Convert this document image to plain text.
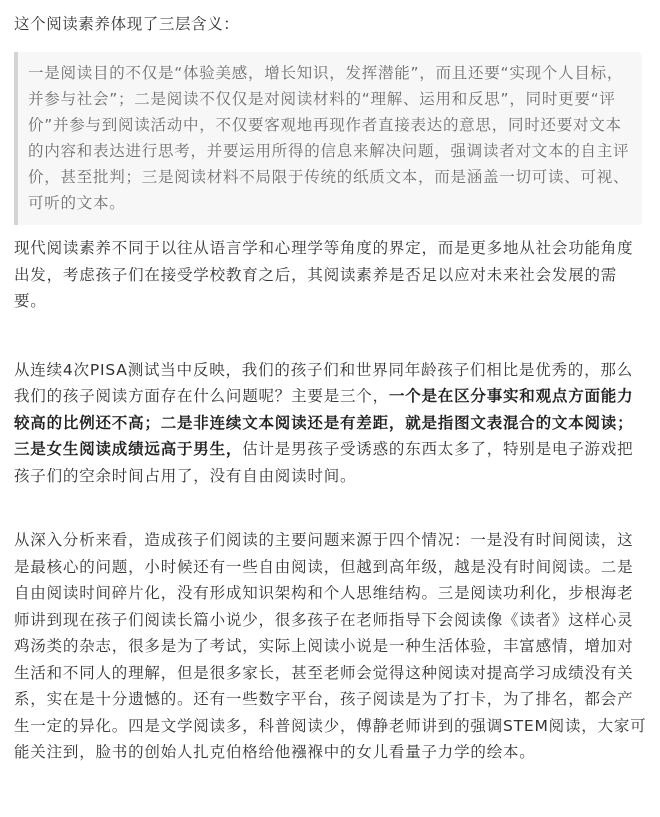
这个阅读素养体现了三层含义：

一是阅读目的不仅是“体验美感，增长知识，发挥潜能”，而且还要“实现个人目标，并参与社会”；二是阅读不仅仅是对阅读材料的“理解、运用和反思”，同时更要“评价”并参与到阅读活动中，不仅要客观地再现作者直接表达的意思，同时还要对文本的内容和表达进行思考，并要运用所得的信息来解决问题，强调读者对文本的自主评价，甚至批判；三是阅读材料不局限于传统的纸质文本，而是涵盖一切可读、可视、可听的文本。

现代阅读素养不同于以往从语言学和心理学等角度的界定，而是更多地从社会功能角度出发，考虑孩子们在接受学校教育之后，其阅读素养是否足以应对未来社会发展的需要。

从连续4次PISA测试当中反映，我们的孩子们和世界同年龄孩子们相比是优秀的，那么我们的孩子阅读方面存在什么问题呢？主要是三个，一个是在区分事实和观点方面能力较高的比例还不高；二是非连续文本阅读还是有差距，就是指图文表混合的文本阅读；三是女生阅读成绩远高于男生，估计是男孩子受诱惑的东西太多了，特别是电子游戏把孩子们的空余时间占用了，没有自由阅读时间。

从深入分析来看，造成孩子们阅读的主要问题来源于四个情况：一是没有时间阅读，这是最核心的问题，小时候还有一些自由阅读，但越到高年级，越是没有时间阅读。二是自由阅读时间碎片化，没有形成知识架构和个人思维结构。三是阅读功利化，步根海老师讲到现在孩子们阅读长篇小说少，很多孩子在老师指导下会阅读像《读者》这样心灵鸡汤类的杂志，很多是为了考试，实际上阅读小说是一种生活体验，丰富感情，增加对生活和不同人的理解，但是很多家长，甚至老师会觉得这种阅读对提高学习成绩没有关系，实在是十分遗憾的。还有一些数字平台，孩子阅读是为了打卡，为了排名，都会产生一定的异化。四是文学阅读多，科普阅读少，傅静老师讲到的强调STEM阅读，大家可能关注到，脸书的创始人扎克伯格给他襁褓中的女儿看量子力学的绘本。
